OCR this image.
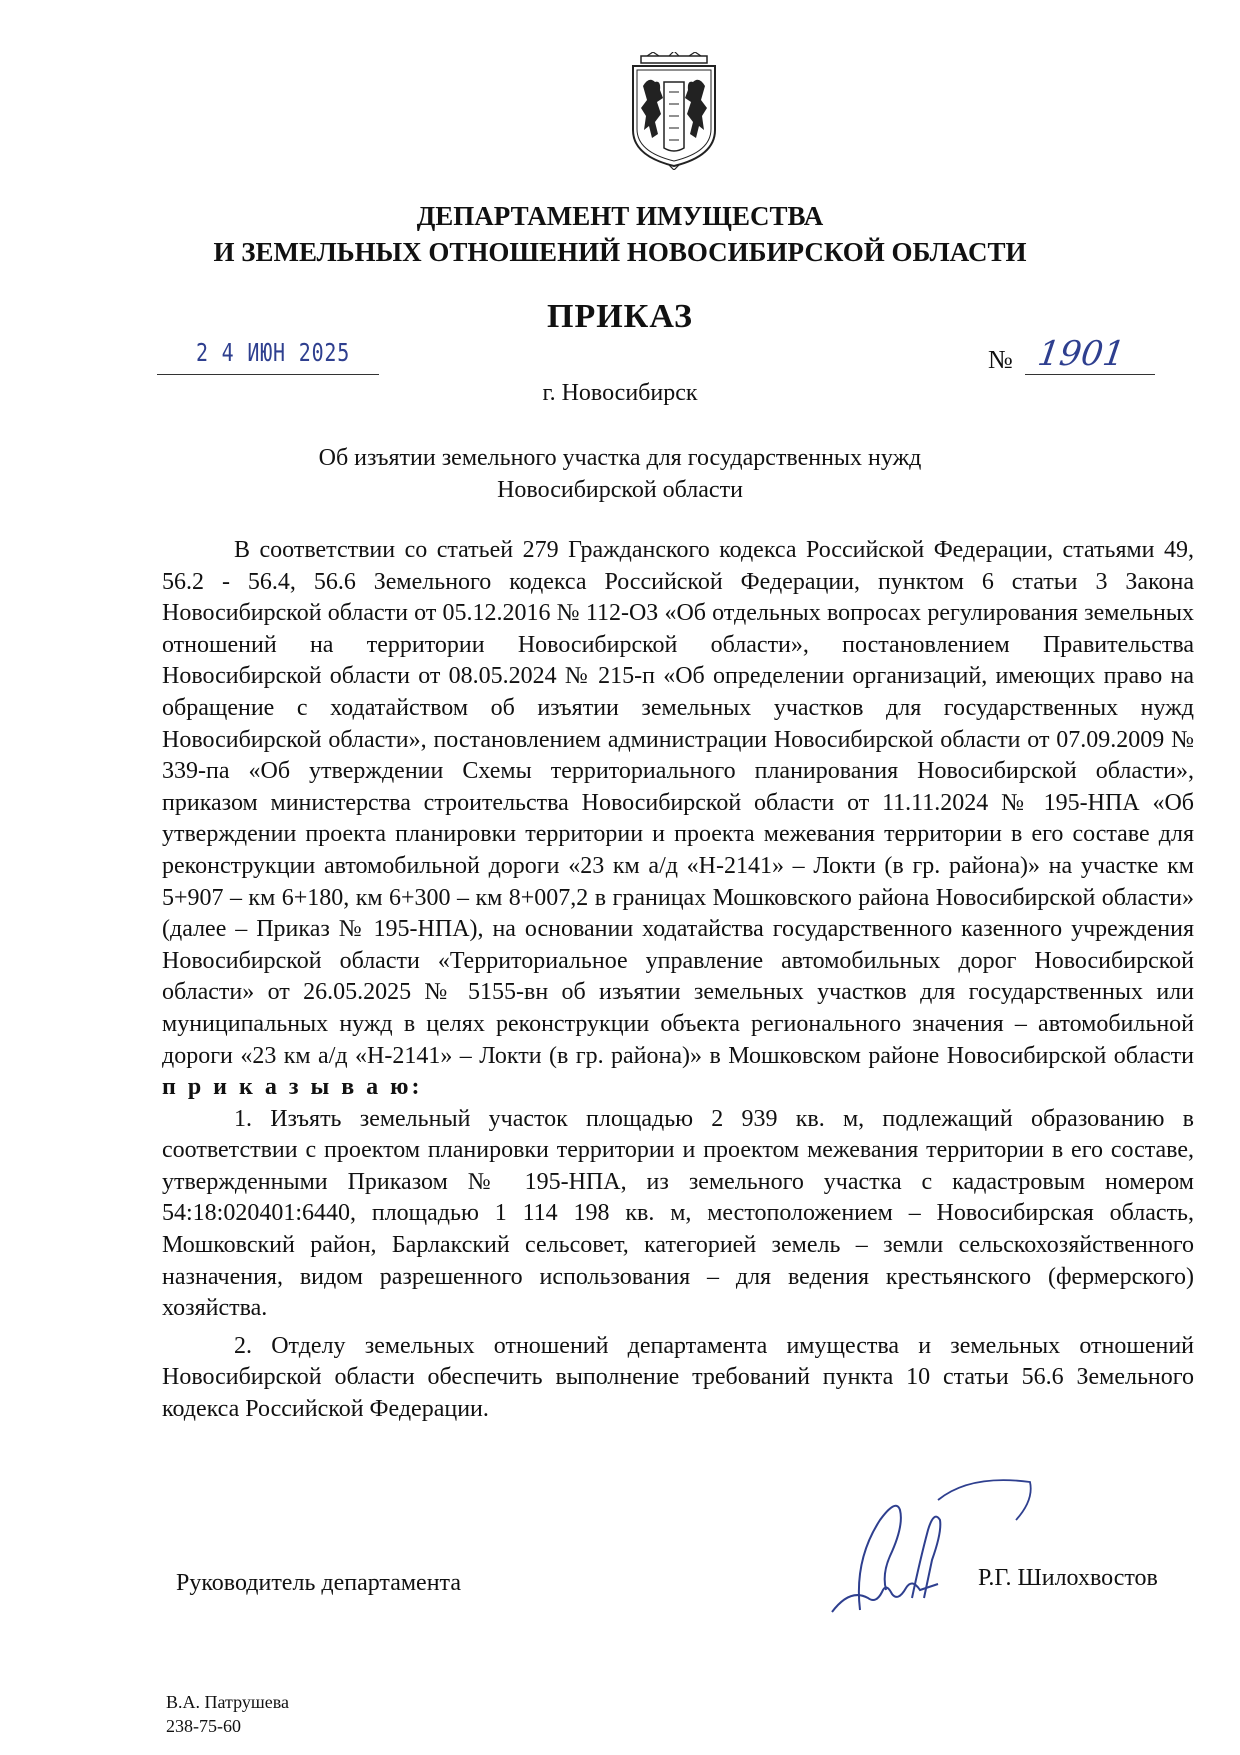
ДЕПАРТАМЕНТ ИМУЩЕСТВА
И ЗЕМЕЛЬНЫХ ОТНОШЕНИЙ НОВОСИБИРСКОЙ ОБЛАСТИ
ПРИКАЗ
2 4 ИЮН 2025	№ 1901
г. Новосибирск
Об изъятии земельного участка для государственных нужд
Новосибирской области

В соответствии со статьей 279 Гражданского кодекса Российской Федерации, статьями 49, 56.2 - 56.4, 56.6 Земельного кодекса Российской Федерации, пунктом 6 статьи 3 Закона Новосибирской области от 05.12.2016 № 112-ОЗ «Об отдельных вопросах регулирования земельных отношений на территории Новосибирской области», постановлением Правительства Новосибирской области от 08.05.2024 № 215-п «Об определении организаций, имеющих право на обращение с ходатайством об изъятии земельных участков для государственных нужд Новосибирской области», постановлением администрации Новосибирской области от 07.09.2009 № 339-па «Об утверждении Схемы территориального планирования Новосибирской области», приказом министерства строительства Новосибирской области от 11.11.2024 № 195-НПА «Об утверждении проекта планировки территории и проекта межевания территории в его составе для реконструкции автомобильной дороги «23 км а/д «Н-2141» – Локти (в гр. района)» на участке км 5+907 – км 6+180, км 6+300 – км 8+007,2 в границах Мошковского района Новосибирской области» (далее – Приказ № 195-НПА), на основании ходатайства государственного казенного учреждения Новосибирской области «Территориальное управление автомобильных дорог Новосибирской области» от 26.05.2025 № 5155-вн об изъятии земельных участков для государственных или муниципальных нужд в целях реконструкции объекта регионального значения – автомобильной дороги «23 км а/д «Н-2141» – Локти (в гр. района)» в Мошковском районе Новосибирской области п р и к а з ы в а ю:

1. Изъять земельный участок площадью 2 939 кв. м, подлежащий образованию в соответствии с проектом планировки территории и проектом межевания территории в его составе, утвержденными Приказом № 195-НПА, из земельного участка с кадастровым номером 54:18:020401:6440, площадью 1 114 198 кв. м, местоположением – Новосибирская область, Мошковский район, Барлакский сельсовет, категорией земель – земли сельскохозяйственного назначения, видом разрешенного использования – для ведения крестьянского (фермерского) хозяйства.

2. Отделу земельных отношений департамента имущества и земельных отношений Новосибирской области обеспечить выполнение требований пункта 10 статьи 56.6 Земельного кодекса Российской Федерации.

Руководитель департамента	Р.Г. Шилохвостов
В.А. Патрушева
238-75-60
